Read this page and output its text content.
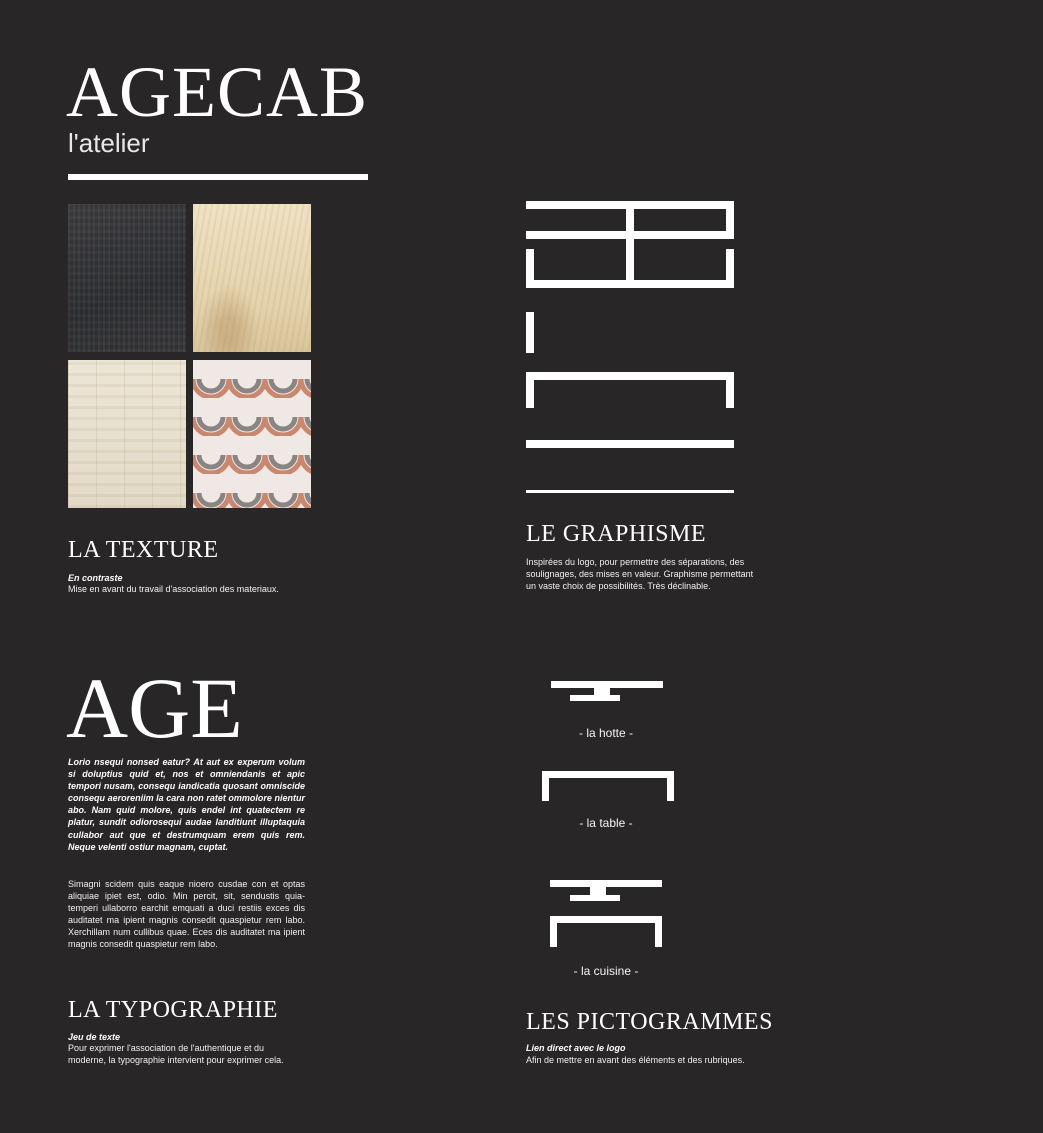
AGECAB
l'atelier
LA TEXTURE
En contraste
Mise en avant du travail d'association des materiaux.
LE GRAPHISME
Inspirées du logo, pour permettre des séparations, des
soulignages, des mises en valeur. Graphisme permettant
un vaste choix de possibilités. Très déclinable.
AGE
Lorio nsequi nonsed eatur? At aut ex experum volum si doluptius quid et, nos et omniendanis et apic tempori nusam, consequ iandicatia quosant omniscide consequ aeroreniim la cara non ratet ommolore nientur abo. Nam quid molore, quis endel int quatectem re platur, sundit odiorosequi audae landitiunt illuptaquia cullabor aut que et destrumquam erem quis rem. Neque velenti ostiur magnam, cuptat.
Simagni scidem quis eaque nioero cusdae con et optas aliquiae ipiet est, odio. Min percit, sit, sendustis quia-temperi ullaborro earchit emquati a duci restiis exces dis auditatet ma ipient magnis consedit quaspietur rem labo. Xerchillam num cullibus quae. Eces dis auditatet ma ipient magnis consedit quaspietur rem labo.
LA TYPOGRAPHIE
Jeu de texte
Pour exprimer l'association de l'authentique et du
moderne, la typographie intervient pour exprimer cela.
- la hotte -
- la table -
- la cuisine -
LES PICTOGRAMMES
Lien direct avec le logo
Afin de mettre en avant des éléments et des rubriques.
